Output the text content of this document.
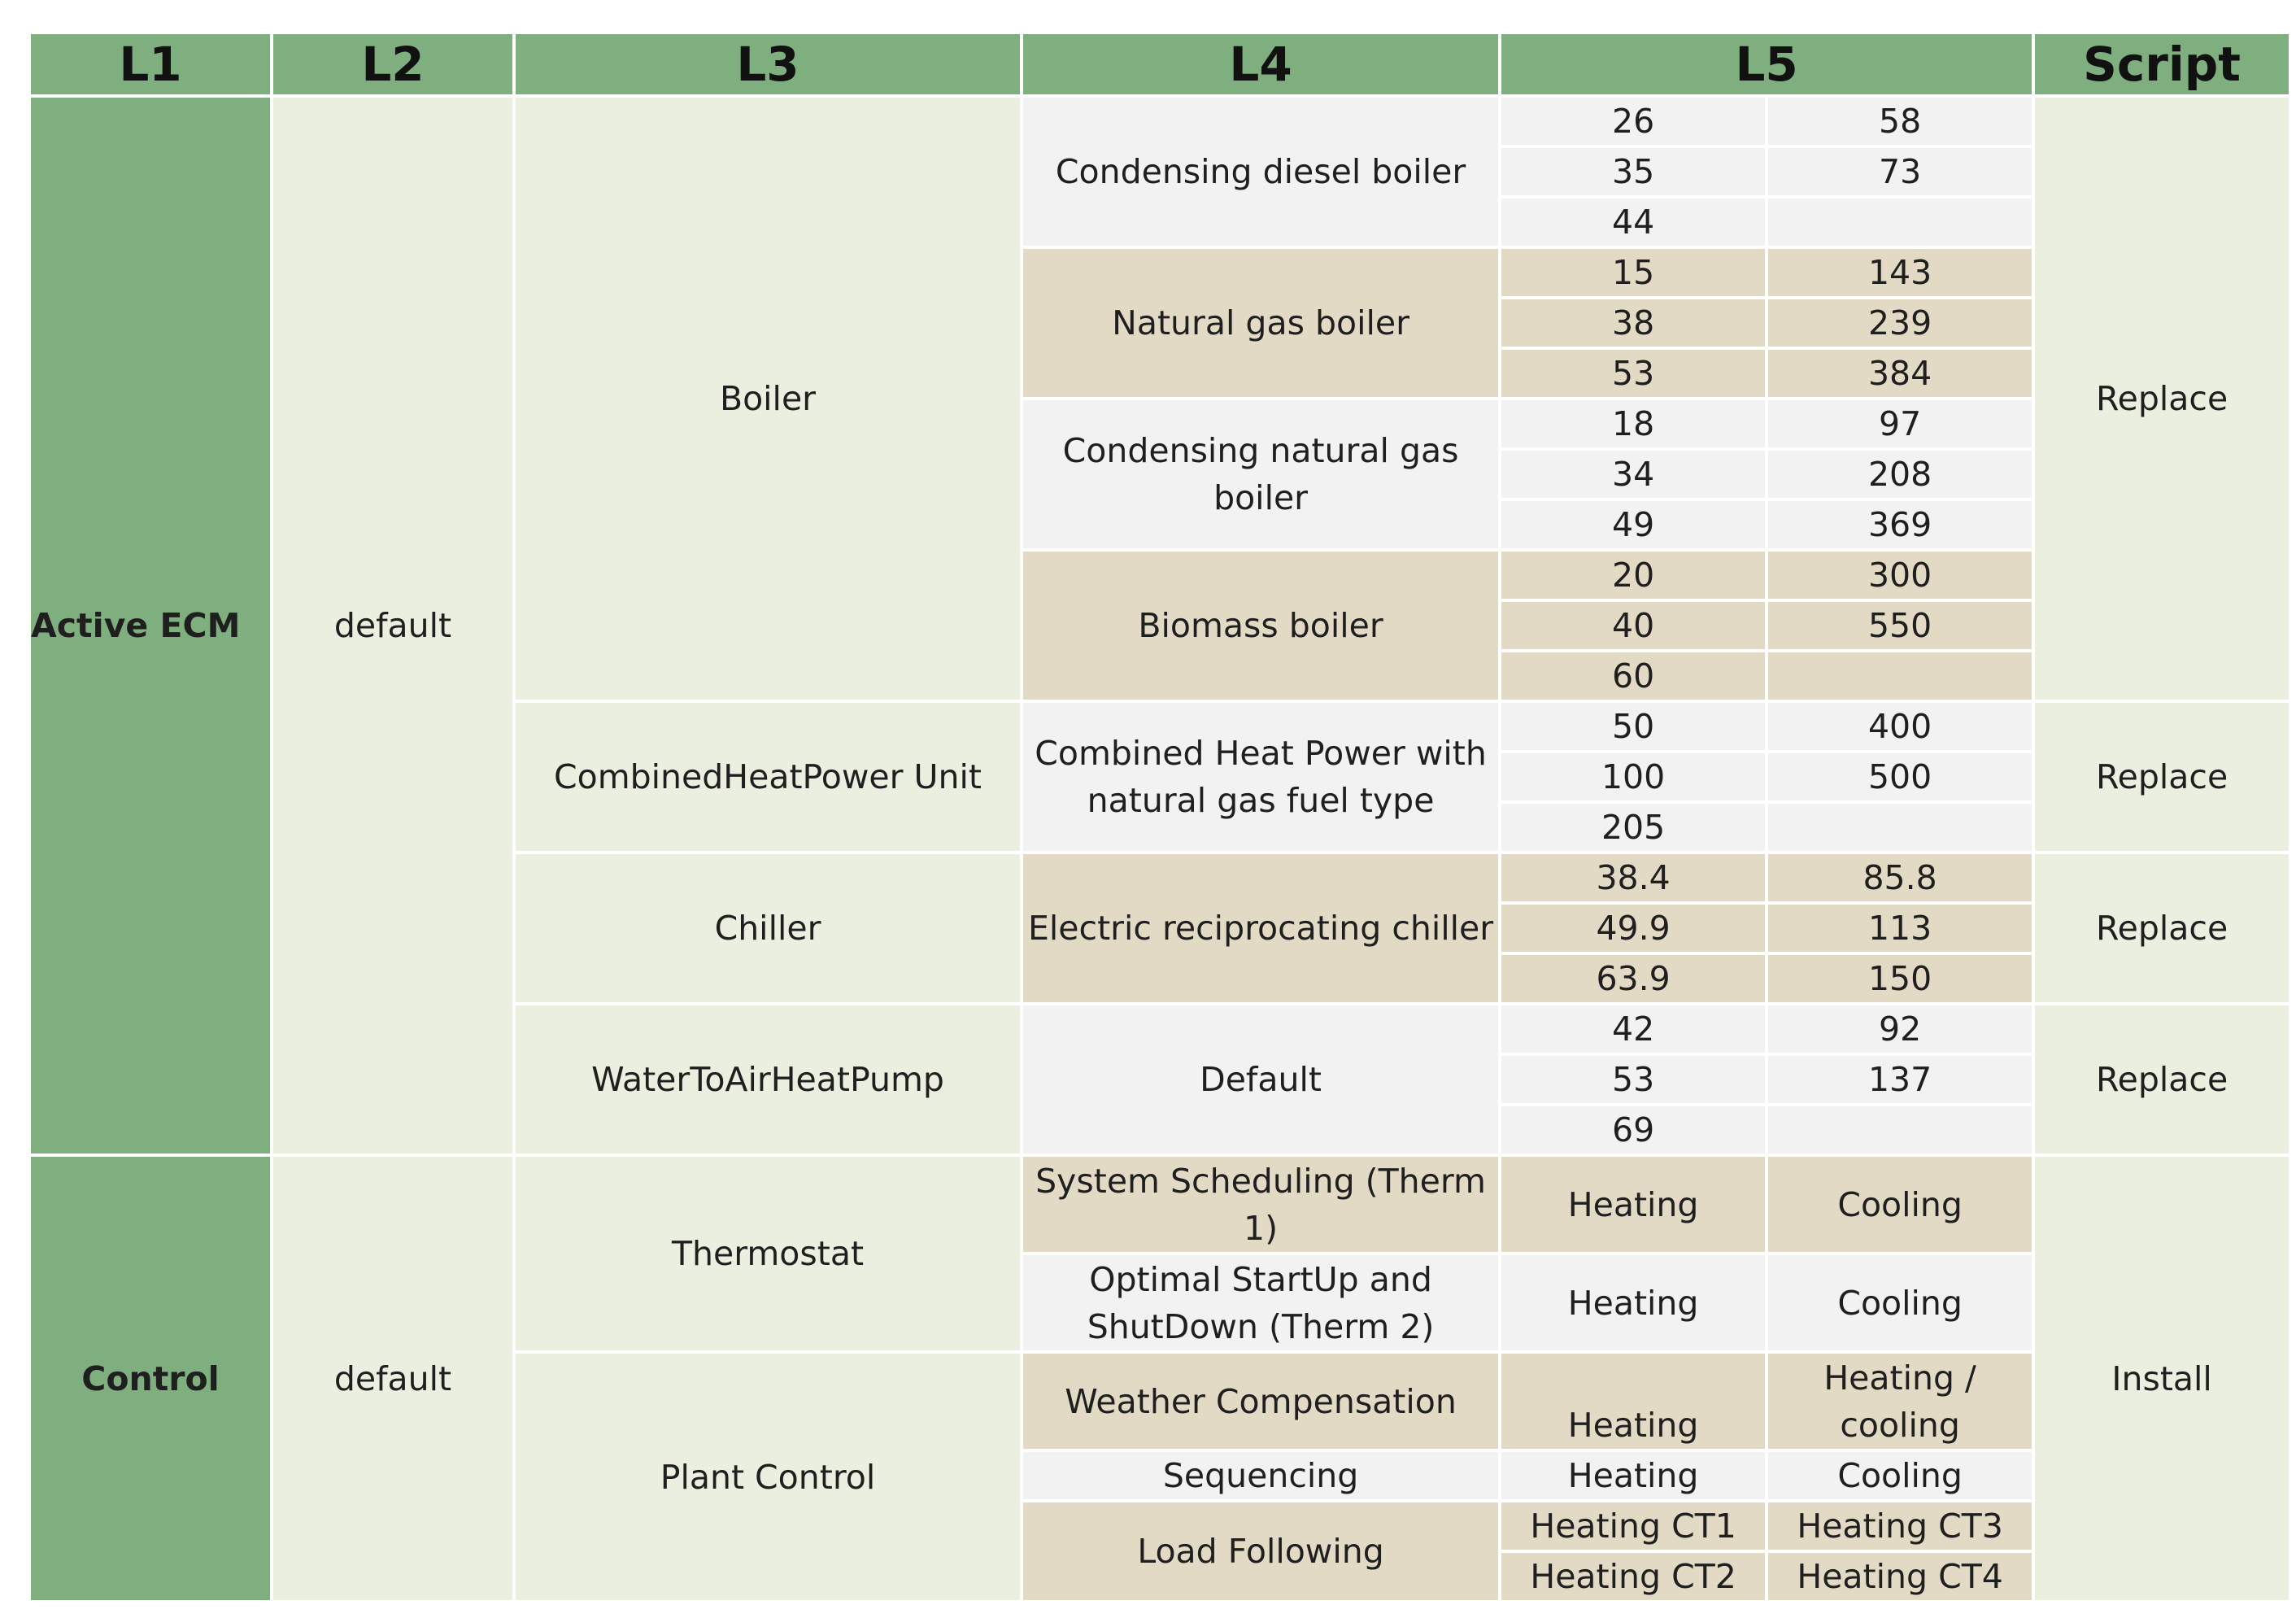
L1	L2	L3	L4	L5		Script
Active ECM	default	Boiler	Condensing diesel boiler	26	58	Replace
				35	73	
				44		
			Natural gas boiler	15	143	
				38	239	
				53	384	
			Condensing natural gas boiler	18	97	
				34	208	
				49	369	
			Biomass boiler	20	300	
				40	550	
				60		
		CombinedHeatPower Unit	Combined Heat Power with natural gas fuel type	50	400	Replace
				100	500	
				205		
		Chiller	Electric reciprocating chiller	38.4	85.8	Replace
				49.9	113	
				63.9	150	
		WaterToAirHeatPump	Default	42	92	Replace
				53	137	
				69		
Control	default	Thermostat	System Scheduling (Therm 1)	Heating	Cooling	Install
			Optimal StartUp and ShutDown (Therm 2)	Heating	Cooling	
		Plant Control	Weather Compensation	Heating	Heating / cooling	
			Sequencing	Heating	Cooling	
			Load Following	Heating CT1	Heating CT3	
				Heating CT2	Heating CT4	
